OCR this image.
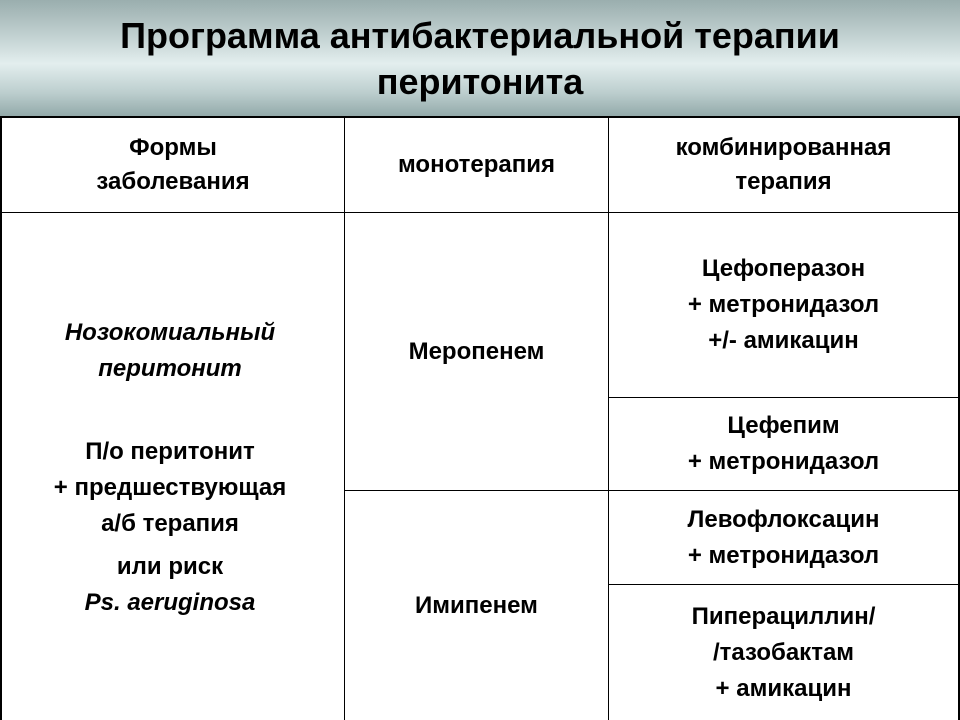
Программа антибактериальной терапии
перитонита
Формы
заболевания
монотерапия
комбинированная
терапия
Нозокомиальный
перитонит
П/о перитонит
+ предшествующая
а/б терапия
или риск
Ps. aeruginosa
Меропенем
Имипенем
Цефоперазон
+ метронидазол
+/- амикацин
Цефепим
+ метронидазол
Левофлоксацин
+ метронидазол
Пиперациллин/
/тазобактам
+ амикацин
